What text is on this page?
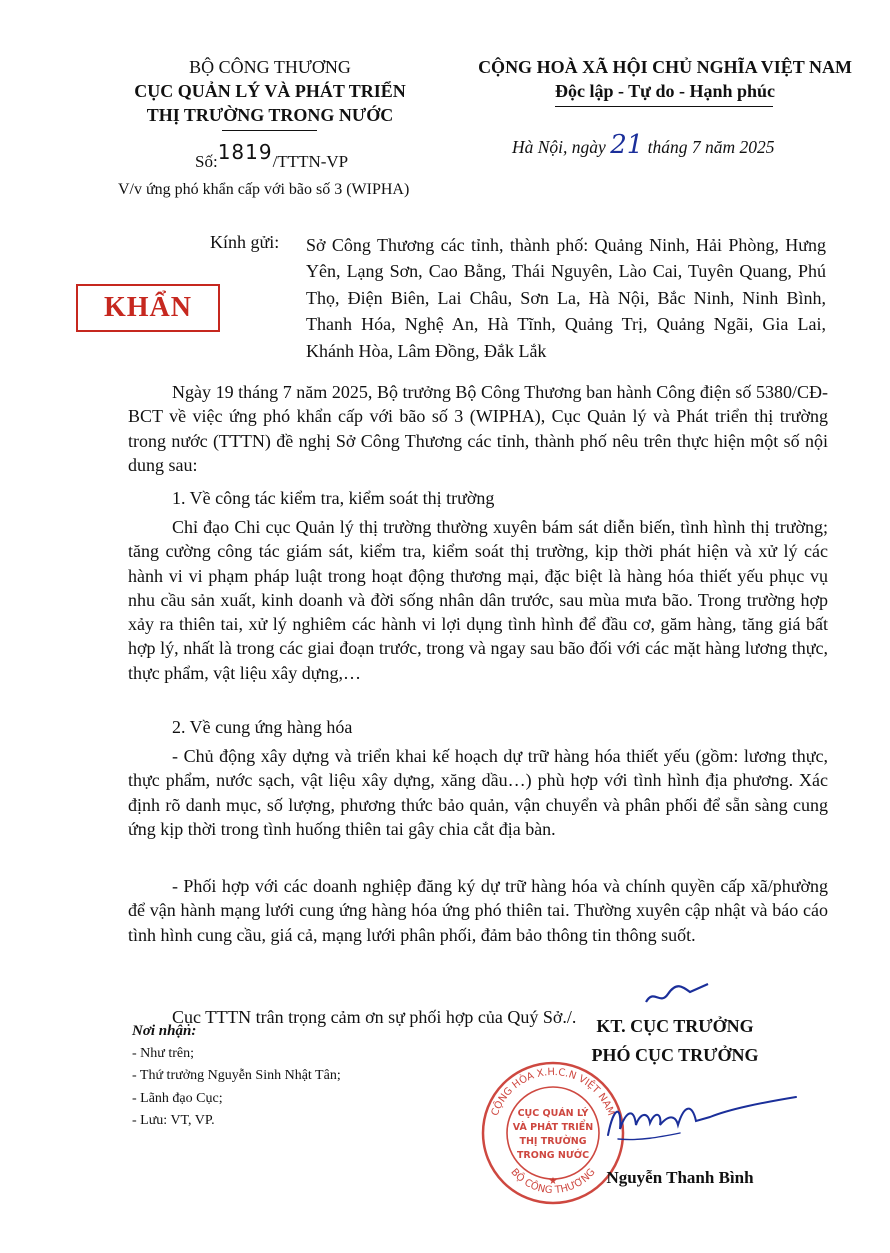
BỘ CÔNG THƯƠNG
CỤC QUẢN LÝ VÀ PHÁT TRIỂN
THỊ TRƯỜNG TRONG NƯỚC
CỘNG HOÀ XÃ HỘI CHỦ NGHĨA VIỆT NAM
Độc lập - Tự do - Hạnh phúc
Số:1819/TTTN-VP
Hà Nội, ngày 21 tháng 7 năm 2025
V/v ứng phó khẩn cấp với bão số 3 (WIPHA)
KHẨN
Kính gửi: Sở Công Thương các tỉnh, thành phố: Quảng Ninh, Hải Phòng, Hưng Yên, Lạng Sơn, Cao Bằng, Thái Nguyên, Lào Cai, Tuyên Quang, Phú Thọ, Điện Biên, Lai Châu, Sơn La, Hà Nội, Bắc Ninh, Ninh Bình, Thanh Hóa, Nghệ An, Hà Tĩnh, Quảng Trị, Quảng Ngãi, Gia Lai, Khánh Hòa, Lâm Đồng, Đắk Lắk
Ngày 19 tháng 7 năm 2025, Bộ trưởng Bộ Công Thương ban hành Công điện số 5380/CĐ-BCT về việc ứng phó khẩn cấp với bão số 3 (WIPHA), Cục Quản lý và Phát triển thị trường trong nước (TTTN) đề nghị Sở Công Thương các tỉnh, thành phố nêu trên thực hiện một số nội dung sau:
1. Về công tác kiểm tra, kiểm soát thị trường
Chỉ đạo Chi cục Quản lý thị trường thường xuyên bám sát diễn biến, tình hình thị trường; tăng cường công tác giám sát, kiểm tra, kiểm soát thị trường, kịp thời phát hiện và xử lý các hành vi vi phạm pháp luật trong hoạt động thương mại, đặc biệt là hàng hóa thiết yếu phục vụ nhu cầu sản xuất, kinh doanh và đời sống nhân dân trước, sau mùa mưa bão. Trong trường hợp xảy ra thiên tai, xử lý nghiêm các hành vi lợi dụng tình hình để đầu cơ, găm hàng, tăng giá bất hợp lý, nhất là trong các giai đoạn trước, trong và ngay sau bão đối với các mặt hàng lương thực, thực phẩm, vật liệu xây dựng,…
2. Về cung ứng hàng hóa
- Chủ động xây dựng và triển khai kế hoạch dự trữ hàng hóa thiết yếu (gồm: lương thực, thực phẩm, nước sạch, vật liệu xây dựng, xăng dầu…) phù hợp với tình hình địa phương. Xác định rõ danh mục, số lượng, phương thức bảo quản, vận chuyển và phân phối để sẵn sàng cung ứng kịp thời trong tình huống thiên tai gây chia cắt địa bàn.
- Phối hợp với các doanh nghiệp đăng ký dự trữ hàng hóa và chính quyền cấp xã/phường để vận hành mạng lưới cung ứng hàng hóa ứng phó thiên tai. Thường xuyên cập nhật và báo cáo tình hình cung cầu, giá cả, mạng lưới phân phối, đảm bảo thông tin thông suốt.
Cục TTTN trân trọng cảm ơn sự phối hợp của Quý Sở./.
Nơi nhận:
- Như trên;
- Thứ trưởng Nguyễn Sinh Nhật Tân;
- Lãnh đạo Cục;
- Lưu: VT, VP.
KT. CỤC TRƯỞNG
PHÓ CỤC TRƯỞNG
CỘNG HÒA X.H.C.N VIỆT NAM
BỘ CÔNG THƯƠNG
CỤC QUẢN LÝ
VÀ PHÁT TRIỂN
THỊ TRƯỜNG
TRONG NƯỚC
★	Nguyễn Thanh Bình
